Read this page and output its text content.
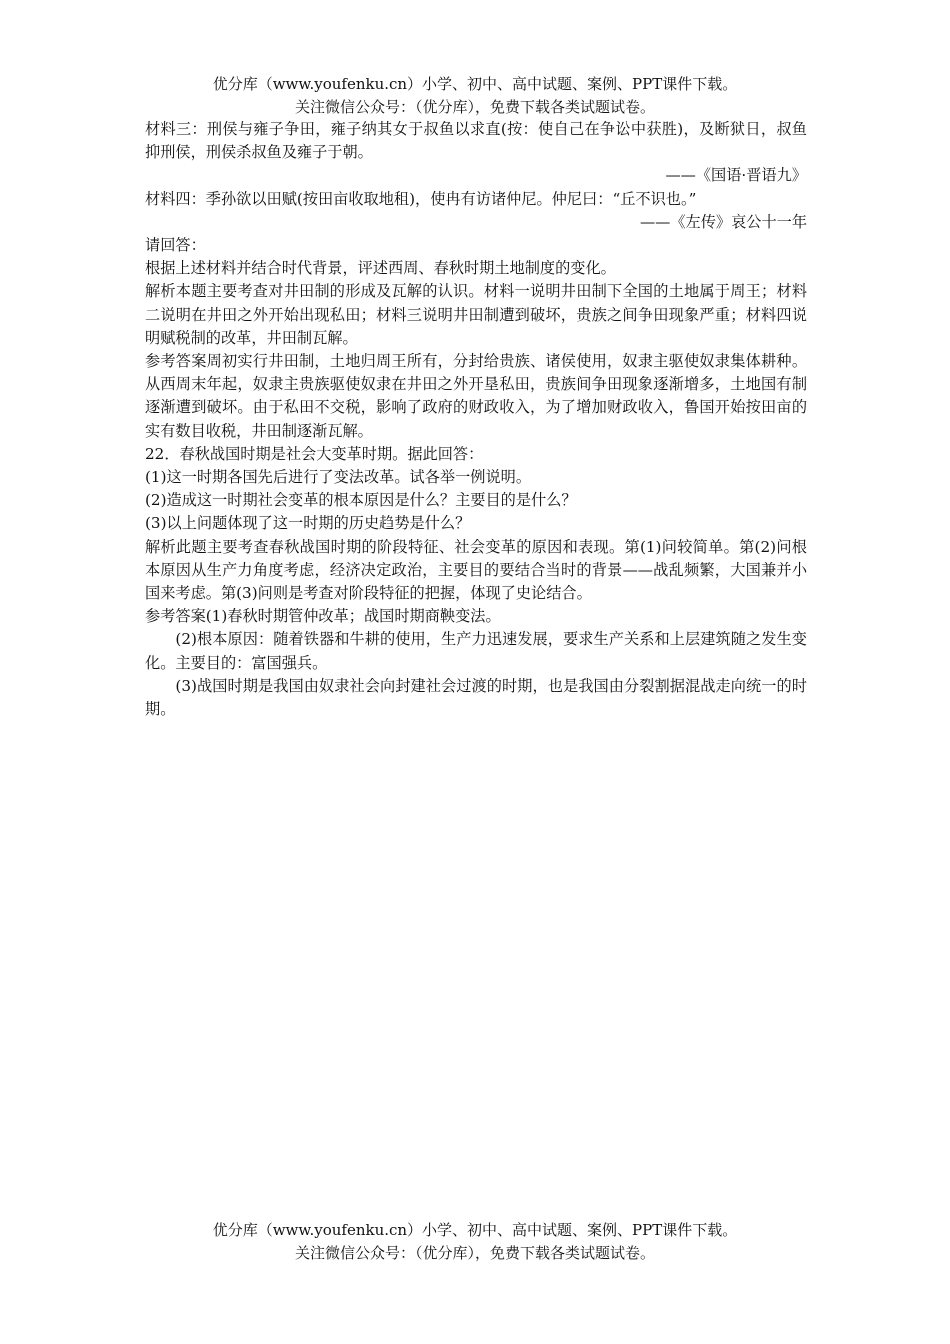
优分库（www.youfenku.cn）小学、初中、高中试题、案例、PPT课件下载。
关注微信公众号：（优分库），免费下载各类试题试卷。

材料三：刑侯与雍子争田，雍子纳其女于叔鱼以求直(按：使自己在争讼中获胜)，及断狱日，叔鱼抑刑侯，刑侯杀叔鱼及雍子于朝。

——《国语·晋语九》

材料四：季孙欲以田赋(按田亩收取地租)，使冉有访诸仲尼。仲尼曰：“丘不识也。”

——《左传》哀公十一年

请回答：

根据上述材料并结合时代背景，评述西周、春秋时期土地制度的变化。

解析本题主要考查对井田制的形成及瓦解的认识。材料一说明井田制下全国的土地属于周王；材料二说明在井田之外开始出现私田；材料三说明井田制遭到破坏，贵族之间争田现象严重；材料四说明赋税制的改革，井田制瓦解。

参考答案周初实行井田制，土地归周王所有，分封给贵族、诸侯使用，奴隶主驱使奴隶集体耕种。从西周末年起，奴隶主贵族驱使奴隶在井田之外开垦私田，贵族间争田现象逐渐增多，土地国有制逐渐遭到破坏。由于私田不交税，影响了政府的财政收入，为了增加财政收入，鲁国开始按田亩的实有数目收税，井田制逐渐瓦解。

22．春秋战国时期是社会大变革时期。据此回答：

(1)这一时期各国先后进行了变法改革。试各举一例说明。

(2)造成这一时期社会变革的根本原因是什么？主要目的是什么？

(3)以上问题体现了这一时期的历史趋势是什么？

解析此题主要考查春秋战国时期的阶段特征、社会变革的原因和表现。第(1)问较简单。第(2)问根本原因从生产力角度考虑，经济决定政治，主要目的要结合当时的背景——战乱频繁，大国兼并小国来考虑。第(3)问则是考查对阶段特征的把握，体现了史论结合。

参考答案(1)春秋时期管仲改革；战国时期商鞅变法。

(2)根本原因：随着铁器和牛耕的使用，生产力迅速发展，要求生产关系和上层建筑随之发生变化。主要目的：富国强兵。

(3)战国时期是我国由奴隶社会向封建社会过渡的时期，也是我国由分裂割据混战走向统一的时期。

优分库（www.youfenku.cn）小学、初中、高中试题、案例、PPT课件下载。
关注微信公众号：（优分库），免费下载各类试题试卷。
